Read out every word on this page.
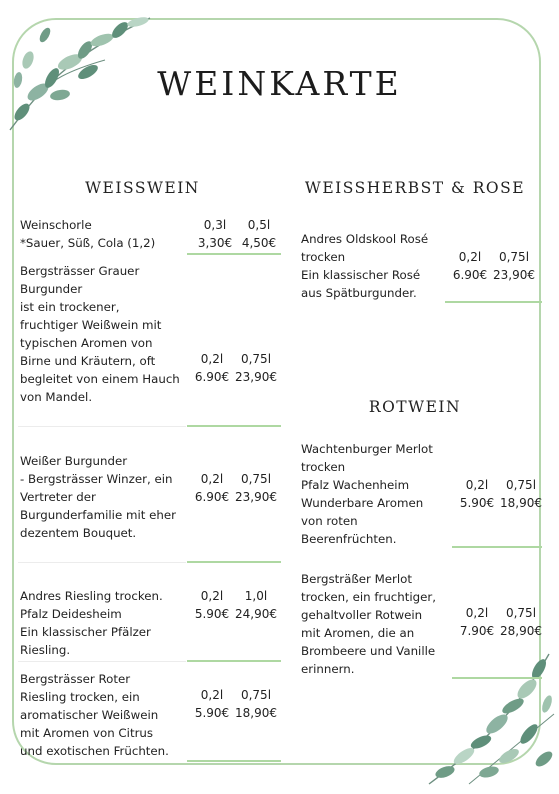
WEINKARTE
WEISSWEIN	WEISSHERBST & ROSE
ROTWEIN
Weinschorle
*Sauer, Süß, Cola (1,2)
0,3l	0,5l
3,30€ 4,50€
Bergsträsser Grauer
Burgunder
ist ein trockener,
fruchtiger Weißwein mit
typischen Aromen von
Birne und Kräutern, oft
begleitet von einem Hauch
von Mandel.
0,2l	0,75l
6.90€ 23,90€
Weißer Burgunder
- Bergsträsser Winzer, ein
Vertreter der
Burgunderfamilie mit eher
dezentem Bouquet.
0,2l	0,75l
6.90€ 23,90€
Andres Riesling trocken.
Pfalz Deidesheim
Ein klassischer Pfälzer
Riesling.
0,2l	1,0l
5.90€ 24,90€
Bergsträsser Roter
Riesling trocken, ein
aromatischer Weißwein
mit Aromen von Citrus
und exotischen Früchten.
0,2l	0,75l
5.90€ 18,90€
Andres Oldskool Rosé
trocken
Ein klassischer Rosé
aus Spätburgunder.
0,2l	0,75l
6.90€ 23,90€
Wachtenburger Merlot
trocken
Pfalz Wachenheim
Wunderbare Aromen
von roten
Beerenfrüchten.
0,2l	0,75l
5.90€ 18,90€
Bergsträßer Merlot
trocken, ein fruchtiger,
gehaltvoller Rotwein
mit Aromen, die an
Brombeere und Vanille
erinnern.
0,2l	0,75l
7.90€ 28,90€
